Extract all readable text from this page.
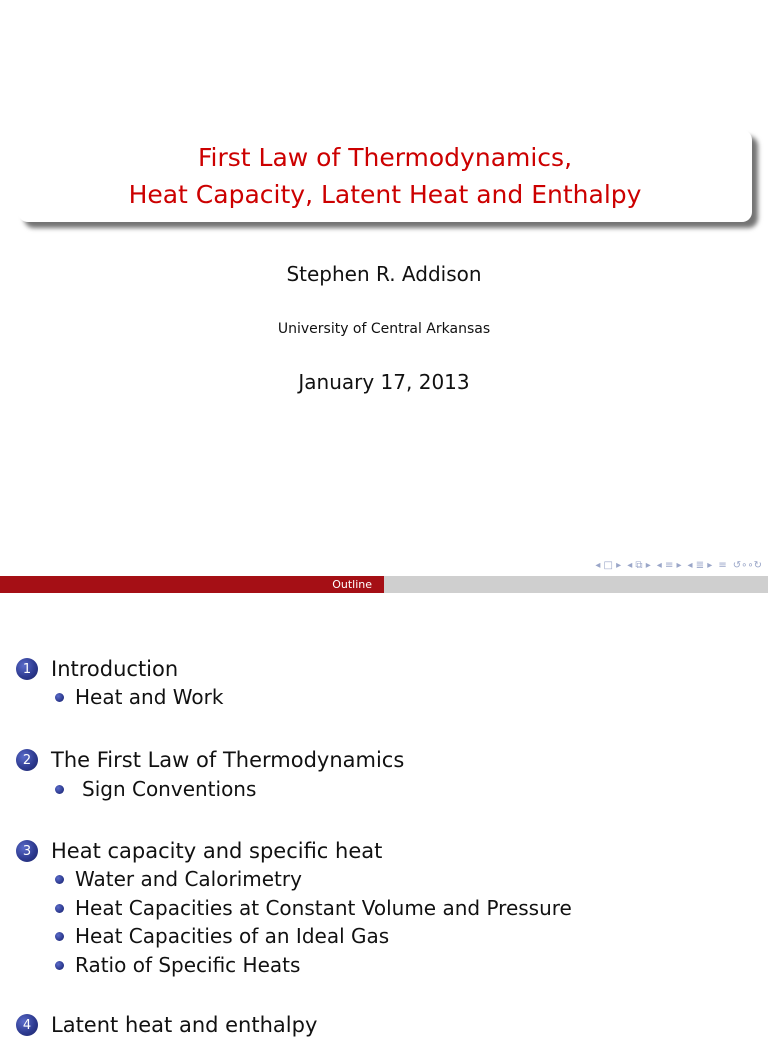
First Law of Thermodynamics,
Heat Capacity, Latent Heat and Enthalpy
Stephen R. Addison
University of Central Arkansas
January 17, 2013
◂ □ ▸ ◂ ⧉ ▸ ◂ ≡ ▸ ◂ ≣ ▸ ≡ ↺∘∘↻
Outline
1 Introduction
Heat and Work
2 The First Law of Thermodynamics
Sign Conventions
3 Heat capacity and specific heat
Water and Calorimetry
Heat Capacities at Constant Volume and Pressure
Heat Capacities of an Ideal Gas
Ratio of Specific Heats
4 Latent heat and enthalpy
